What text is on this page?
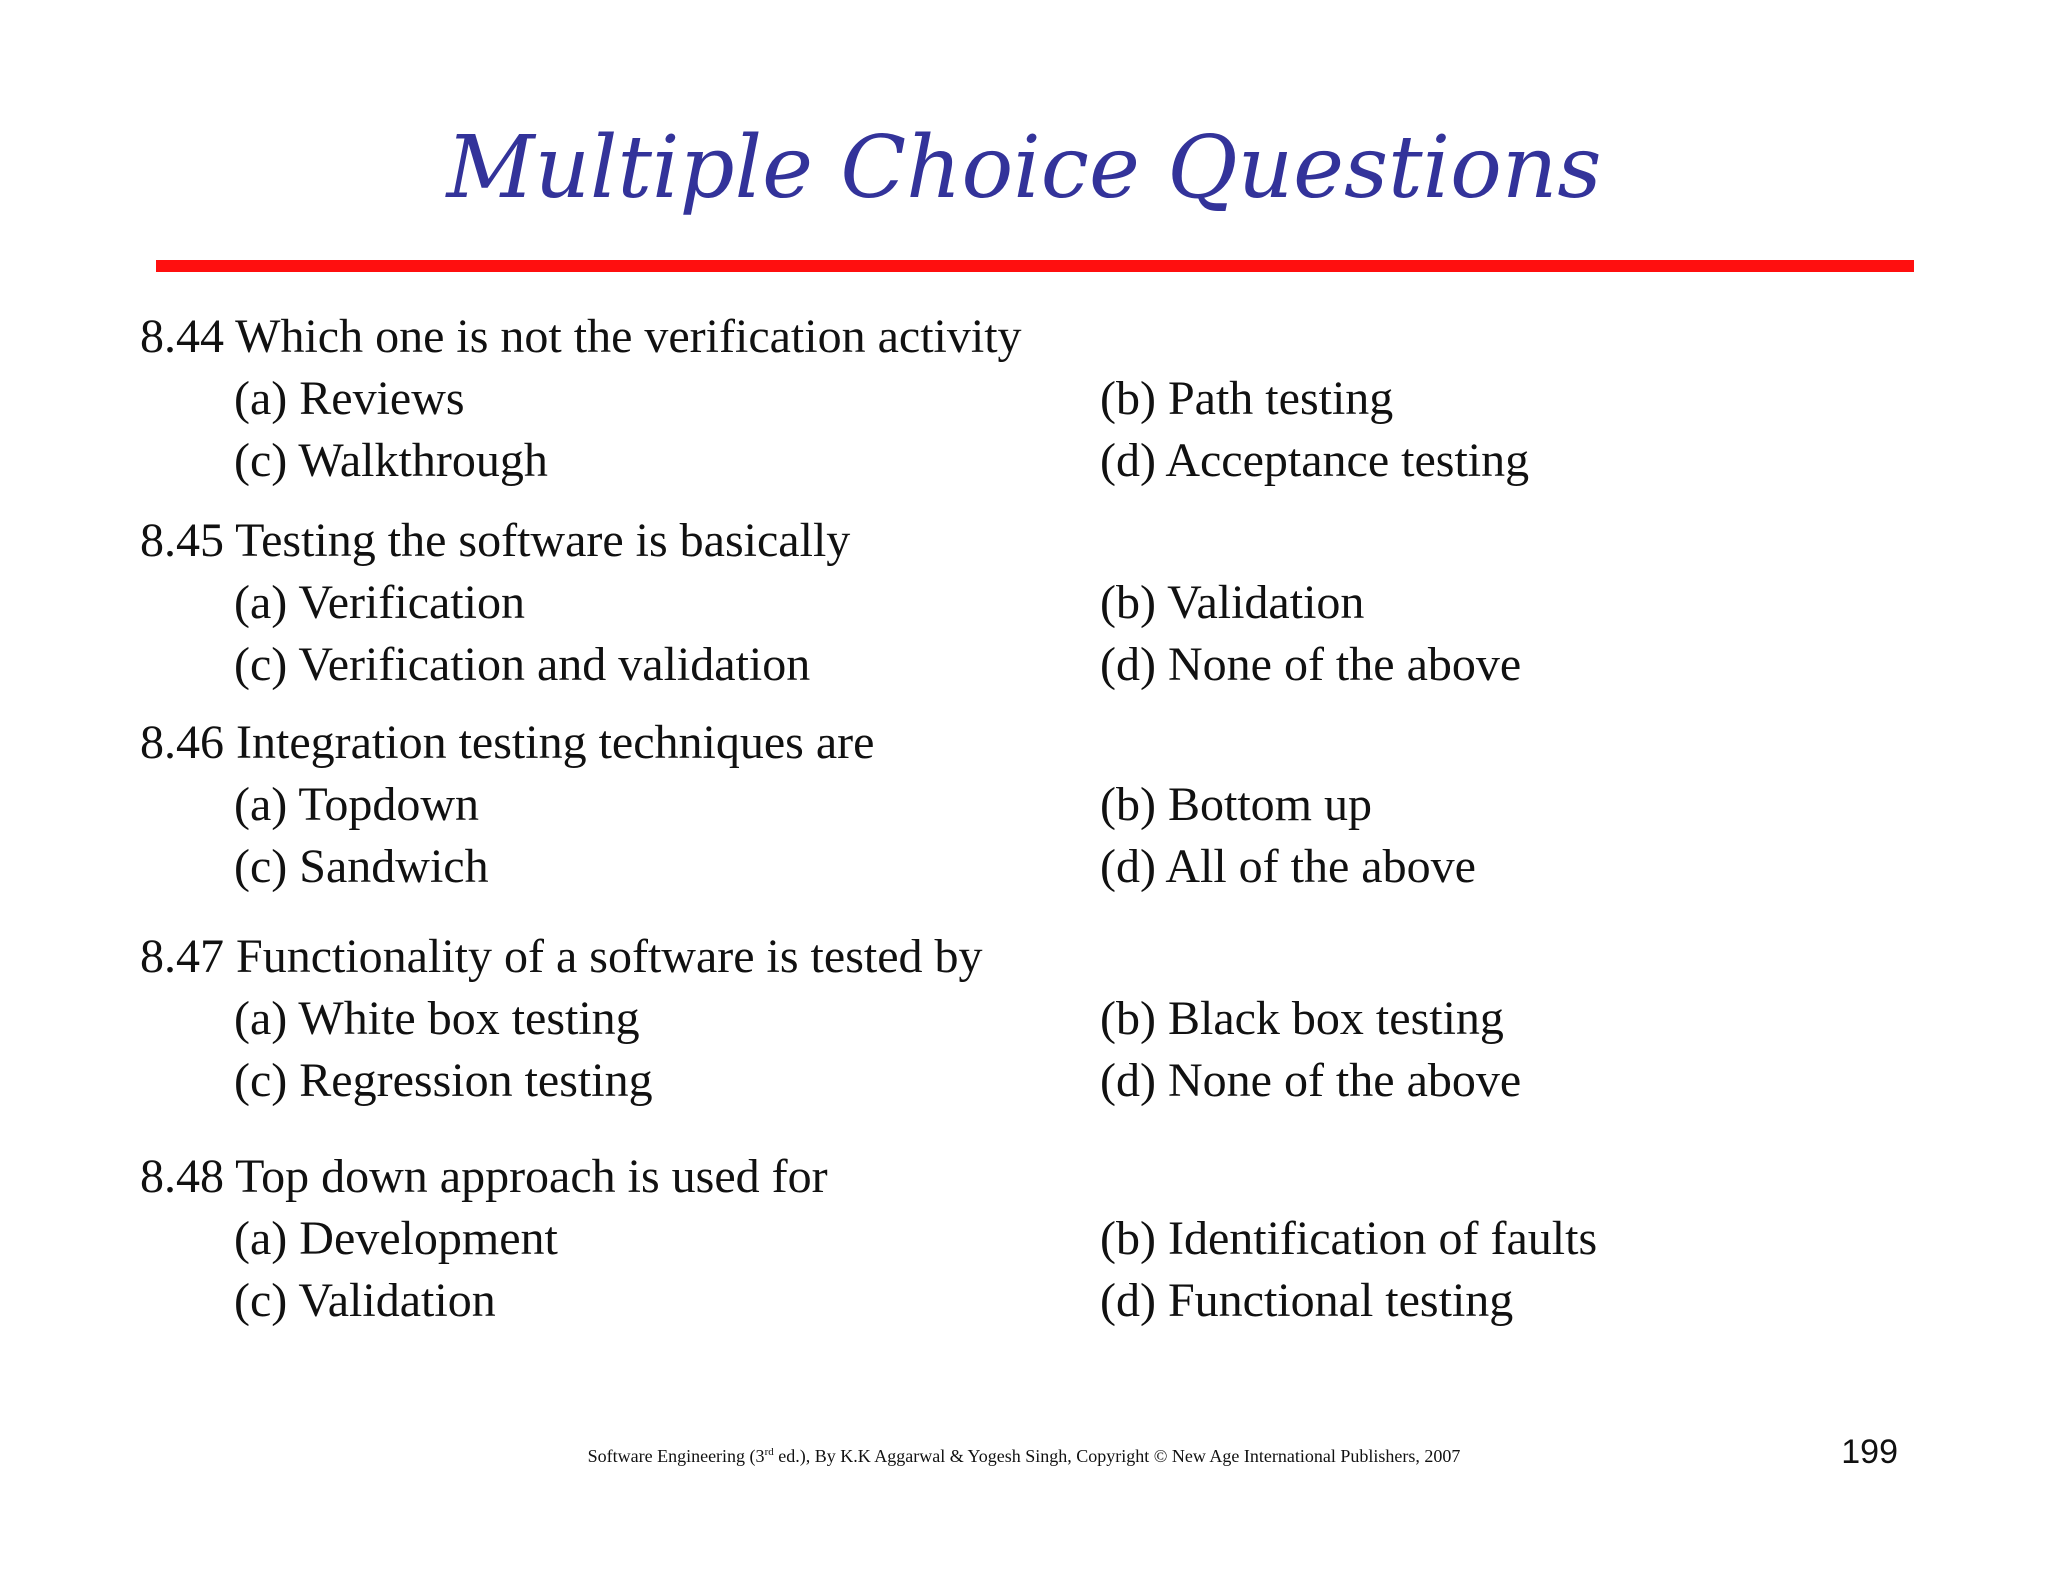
Multiple Choice Questions
8.44 Which one is not the verification activity
(a) Reviews	(b) Path testing
(c) Walkthrough	(d) Acceptance testing
8.45 Testing the software is basically
(a) Verification	(b) Validation
(c) Verification and validation	(d) None of the above
8.46 Integration testing techniques are
(a) Topdown	(b) Bottom up
(c) Sandwich	(d) All of the above
8.47 Functionality of a software is tested by
(a) White box testing	(b) Black box testing
(c) Regression testing	(d) None of the above
8.48 Top down approach is used for
(a) Development	(b) Identification of faults
(c) Validation	(d) Functional testing
Software Engineering (3rd ed.), By K.K Aggarwal & Yogesh Singh, Copyright © New Age International Publishers, 2007	199
